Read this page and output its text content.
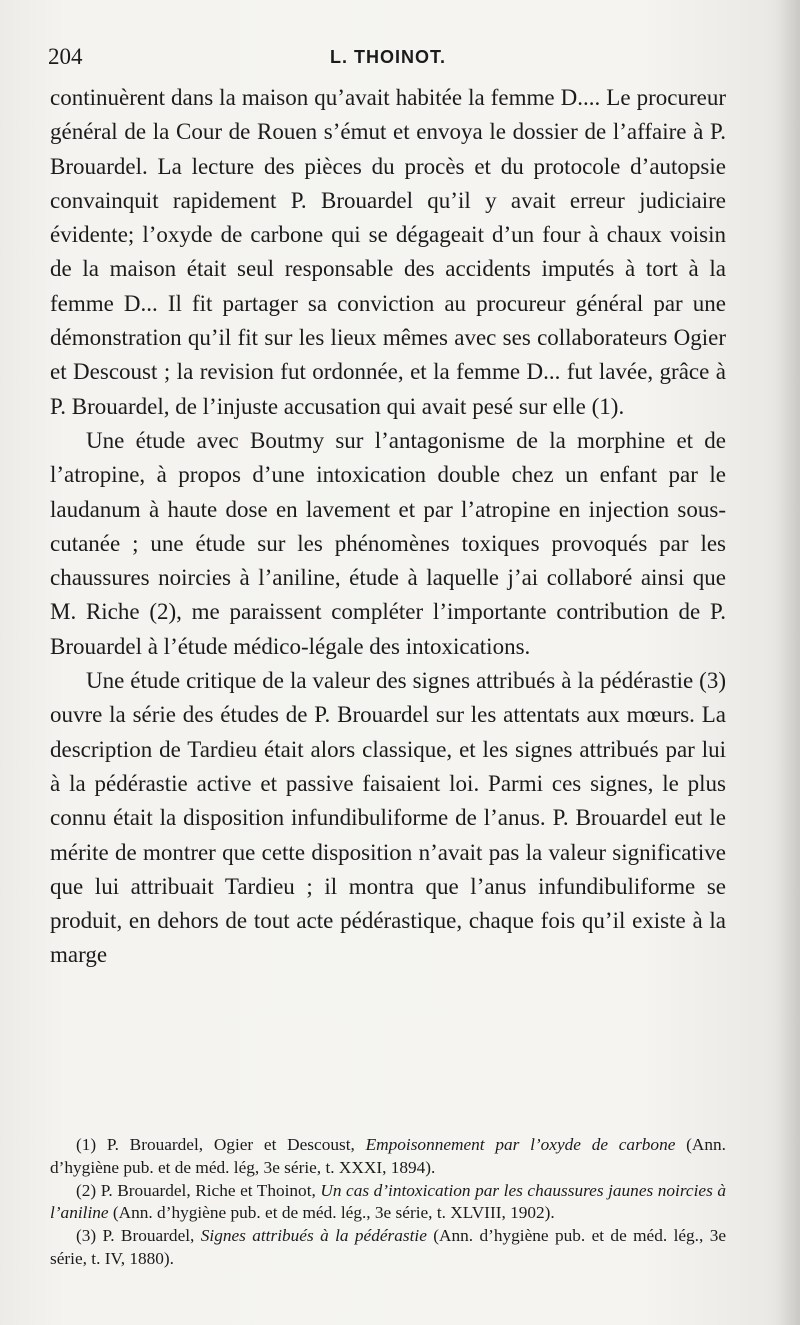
204	L. THOINOT.

continuèrent dans la maison qu’avait habitée la femme D.... Le procureur général de la Cour de Rouen s’émut et envoya le dossier de l’affaire à P. Brouardel. La lecture des pièces du procès et du protocole d’autopsie convainquit rapidement P. Brouardel qu’il y avait erreur judiciaire évidente; l’oxyde de carbone qui se dégageait d’un four à chaux voisin de la maison était seul responsable des accidents imputés à tort à la femme D... Il fit partager sa conviction au procureur général par une démonstration qu’il fit sur les lieux mêmes avec ses collaborateurs Ogier et Descoust ; la revision fut ordonnée, et la femme D... fut lavée, grâce à P. Brouardel, de l’injuste accusation qui avait pesé sur elle (1).

Une étude avec Boutmy sur l’antagonisme de la morphine et de l’atropine, à propos d’une intoxication double chez un enfant par le laudanum à haute dose en lavement et par l’atropine en injection sous-cutanée ; une étude sur les phénomènes toxiques provoqués par les chaussures noircies à l’aniline, étude à laquelle j’ai collaboré ainsi que M. Riche (2), me paraissent compléter l’importante contribution de P. Brouardel à l’étude médico-légale des intoxications.

Une étude critique de la valeur des signes attribués à la pédérastie (3) ouvre la série des études de P. Brouardel sur les attentats aux mœurs. La description de Tardieu était alors classique, et les signes attribués par lui à la pédérastie active et passive faisaient loi. Parmi ces signes, le plus connu était la disposition infundibuliforme de l’anus. P. Brouardel eut le mérite de montrer que cette disposition n’avait pas la valeur significative que lui attribuait Tardieu ; il montra que l’anus infundibuliforme se produit, en dehors de tout acte pédérastique, chaque fois qu’il existe à la marge

(1) P. Brouardel, Ogier et Descoust, Empoisonnement par l’oxyde de carbone (Ann. d’hygiène pub. et de méd. lég, 3e série, t. XXXI, 1894).

(2) P. Brouardel, Riche et Thoinot, Un cas d’intoxication par les chaussures jaunes noircies à l’aniline (Ann. d’hygiène pub. et de méd. lég., 3e série, t. XLVIII, 1902).

(3) P. Brouardel, Signes attribués à la pédérastie (Ann. d’hygiène pub. et de méd. lég., 3e série, t. IV, 1880).
